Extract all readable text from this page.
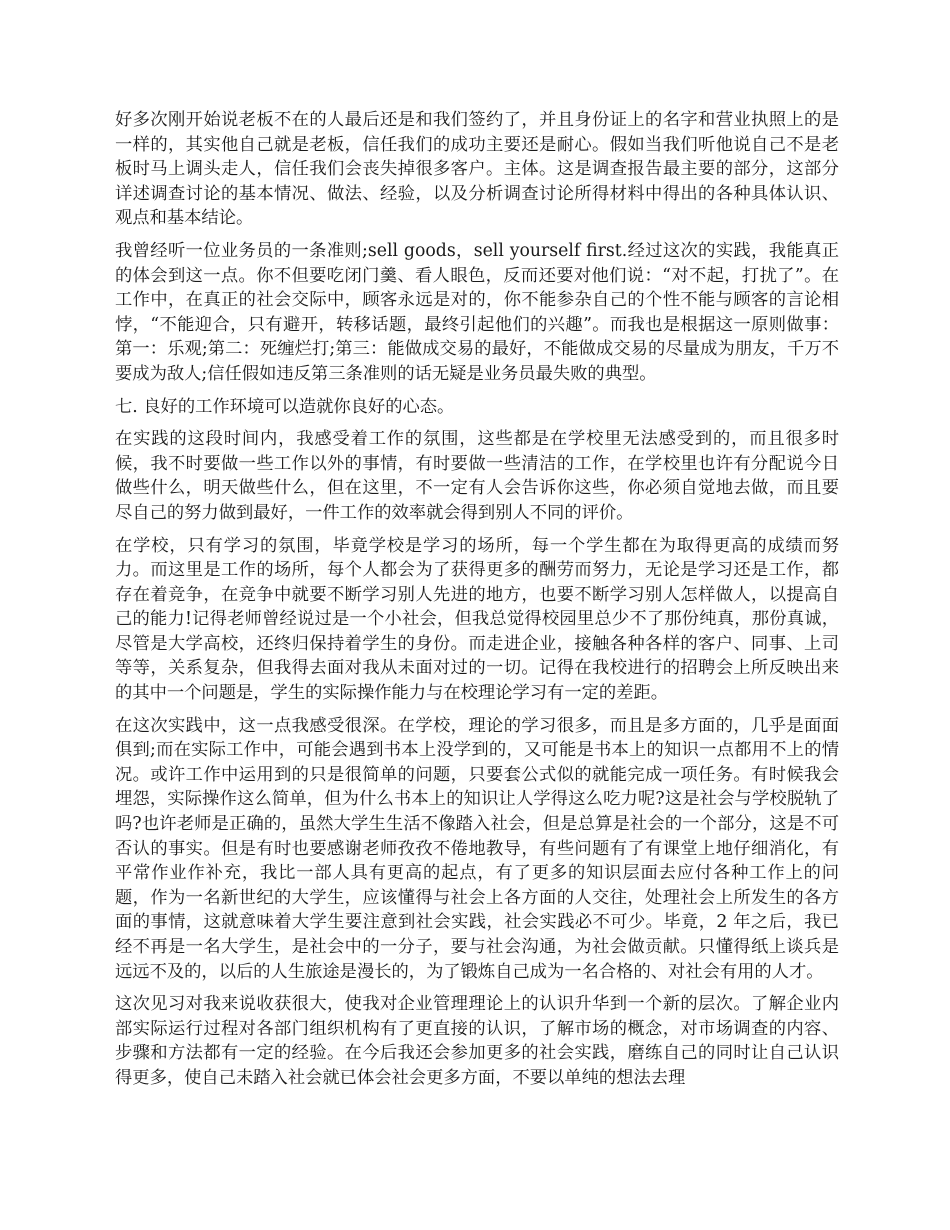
好多次刚开始说老板不在的人最后还是和我们签约了，并且身份证上的名字和营业执照上的是一样的，其实他自己就是老板，信任我们的成功主要还是耐心。假如当我们听他说自己不是老板时马上调头走人，信任我们会丧失掉很多客户。主体。这是调查报告最主要的部分，这部分详述调查讨论的基本情况、做法、经验，以及分析调查讨论所得材料中得出的各种具体认识、观点和基本结论。

我曾经听一位业务员的一条准则;sell goods，sell yourself first.经过这次的实践，我能真正的体会到这一点。你不但要吃闭门羹、看人眼色，反而还要对他们说：“对不起，打扰了”。在工作中，在真正的社会交际中，顾客永远是对的，你不能参杂自己的个性不能与顾客的言论相悖，“不能迎合，只有避开，转移话题，最终引起他们的兴趣”。而我也是根据这一原则做事：第一：乐观;第二：死缠烂打;第三：能做成交易的最好，不能做成交易的尽量成为朋友，千万不要成为敌人;信任假如违反第三条准则的话无疑是业务员最失败的典型。

七. 良好的工作环境可以造就你良好的心态。

在实践的这段时间内，我感受着工作的氛围，这些都是在学校里无法感受到的，而且很多时候，我不时要做一些工作以外的事情，有时要做一些清洁的工作，在学校里也许有分配说今日做些什么，明天做些什么，但在这里，不一定有人会告诉你这些，你必须自觉地去做，而且要尽自己的努力做到最好，一件工作的效率就会得到别人不同的评价。

在学校，只有学习的氛围，毕竟学校是学习的场所，每一个学生都在为取得更高的成绩而努力。而这里是工作的场所，每个人都会为了获得更多的酬劳而努力，无论是学习还是工作，都存在着竞争，在竞争中就要不断学习别人先进的地方，也要不断学习别人怎样做人，以提高自己的能力!记得老师曾经说过是一个小社会，但我总觉得校园里总少不了那份纯真，那份真诚，尽管是大学高校，还终归保持着学生的身份。而走进企业，接触各种各样的客户、同事、上司等等，关系复杂，但我得去面对我从未面对过的一切。记得在我校进行的招聘会上所反映出来的其中一个问题是，学生的实际操作能力与在校理论学习有一定的差距。

在这次实践中，这一点我感受很深。在学校，理论的学习很多，而且是多方面的，几乎是面面俱到;而在实际工作中，可能会遇到书本上没学到的，又可能是书本上的知识一点都用不上的情况。或许工作中运用到的只是很简单的问题，只要套公式似的就能完成一项任务。有时候我会埋怨，实际操作这么简单，但为什么书本上的知识让人学得这么吃力呢?这是社会与学校脱轨了吗?也许老师是正确的，虽然大学生生活不像踏入社会，但是总算是社会的一个部分，这是不可否认的事实。但是有时也要感谢老师孜孜不倦地教导，有些问题有了有课堂上地仔细消化，有平常作业作补充，我比一部人具有更高的起点，有了更多的知识层面去应付各种工作上的问题，作为一名新世纪的大学生，应该懂得与社会上各方面的人交往，处理社会上所发生的各方面的事情，这就意味着大学生要注意到社会实践，社会实践必不可少。毕竟，2 年之后，我已经不再是一名大学生，是社会中的一分子，要与社会沟通，为社会做贡献。只懂得纸上谈兵是远远不及的，以后的人生旅途是漫长的，为了锻炼自己成为一名合格的、对社会有用的人才。

这次见习对我来说收获很大，使我对企业管理理论上的认识升华到一个新的层次。了解企业内部实际运行过程对各部门组织机构有了更直接的认识，了解市场的概念，对市场调查的内容、步骤和方法都有一定的经验。在今后我还会参加更多的社会实践，磨练自己的同时让自己认识得更多，使自己未踏入社会就已体会社会更多方面，不要以单纯的想法去理
